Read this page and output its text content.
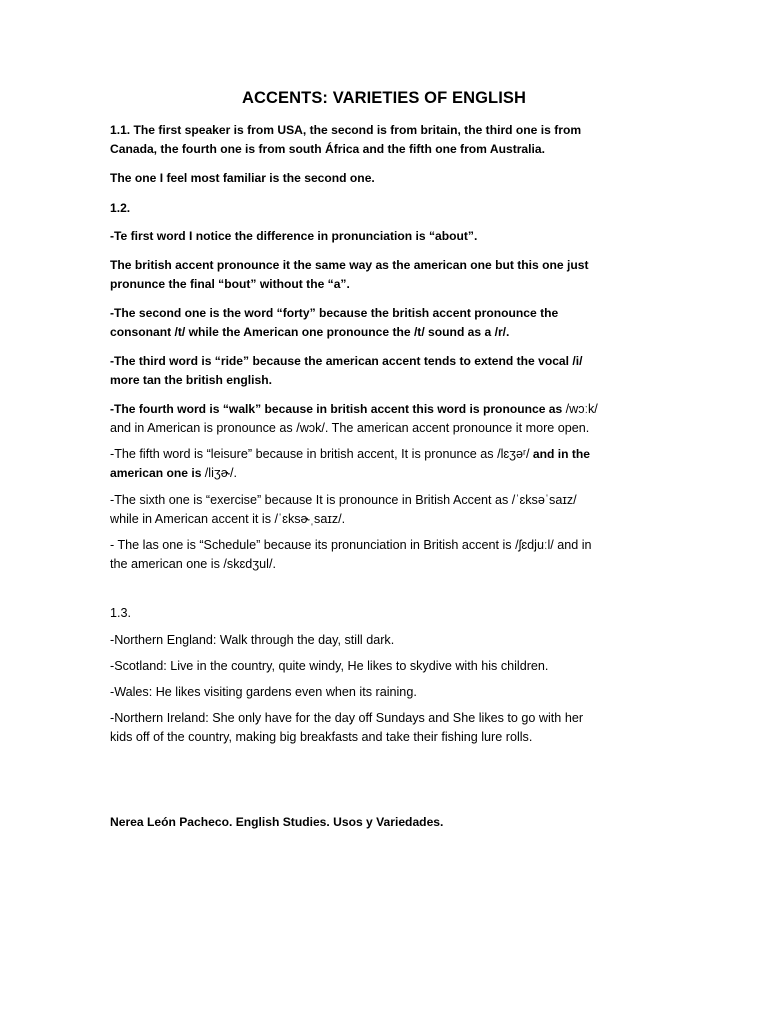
ACCENTS: VARIETIES OF ENGLISH
1.1. The first speaker is from USA, the second is from britain, the third one is from
Canada, the fourth one is from south África and the fifth one from Australia.
The one I feel most familiar is the second one.
1.2.
-Te first word I notice the difference in pronunciation is “about”.
The british accent pronounce it the same way as the american one but this one just
pronunce the final “bout” without the “a”.
-The second one is the word “forty” because the british accent pronounce the
consonant /t/ while the American one pronounce the /t/ sound as a /r/.
-The third word is “ride” because the american accent tends to extend the vocal /i/
more tan the british english.
-The fourth word is “walk” because in british accent this word is pronounce as /wɔːk/
and in American is pronounce as /wɔk/. The american accent pronounce it more open.
-The fifth word is “leisure” because in british accent, It is pronunce as /lɛʒəʳ/ and in the
american one is /liʒɚ/.
-The sixth one is “exercise” because It is pronounce in British Accent as /ˈɛksəˈsaɪz/
while in American accent it is /ˈɛksɚˌsaɪz/.
- The las one is “Schedule” because its pronunciation in British accent is /ʃɛdjuːl/ and in
the american one is /skɛdʒul/.
1.3.
-Northern England: Walk through the day, still dark.
-Scotland: Live in the country, quite windy, He likes to skydive with his children.
-Wales: He likes visiting gardens even when its raining.
-Northern Ireland: She only have for the day off Sundays and She likes to go with her
kids off of the country, making big breakfasts and take their fishing lure rolls.
Nerea León Pacheco. English Studies. Usos y Variedades.
